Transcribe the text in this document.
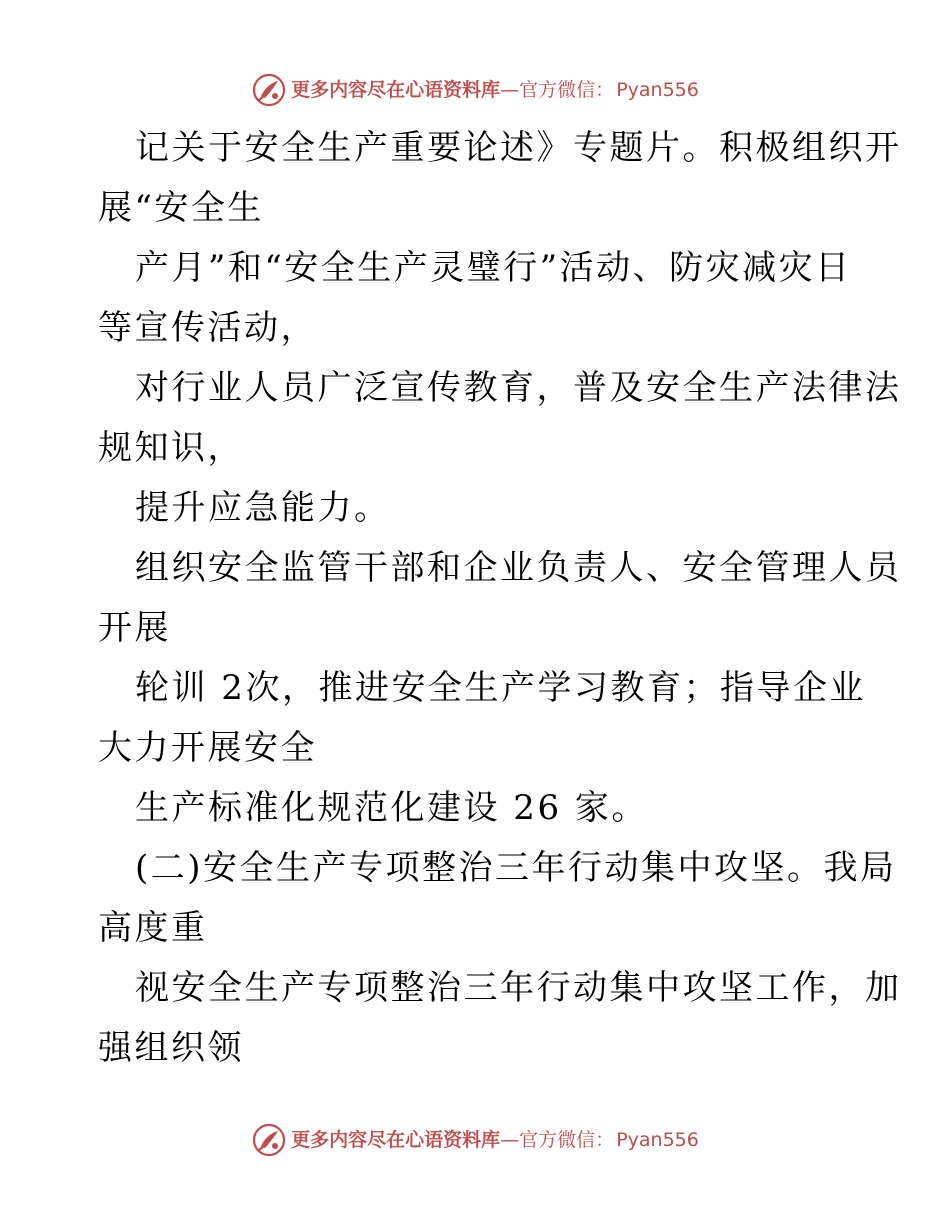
更多内容尽在心语资料库 — 官方微信 ： Pyan556
记关于安全生产重要论述》专题片。积极组织开
展“安全生
产月”和“安全生产灵璧行”活动、防灾减灾日
等宣传活动，
对行业人员广泛宣传教育，普及安全生产法律法
规知识，
提升应急能力。
组织安全监管干部和企业负责人、安全管理人员
开展
轮训 2次，推进安全生产学习教育；指导企业
大力开展安全
生产标准化规范化建设 26 家。
(二)安全生产专项整治三年行动集中攻坚。我局
高度重
视安全生产专项整治三年行动集中攻坚工作，加
强组织领
更多内容尽在心语资料库 — 官方微信 ： Pyan556
